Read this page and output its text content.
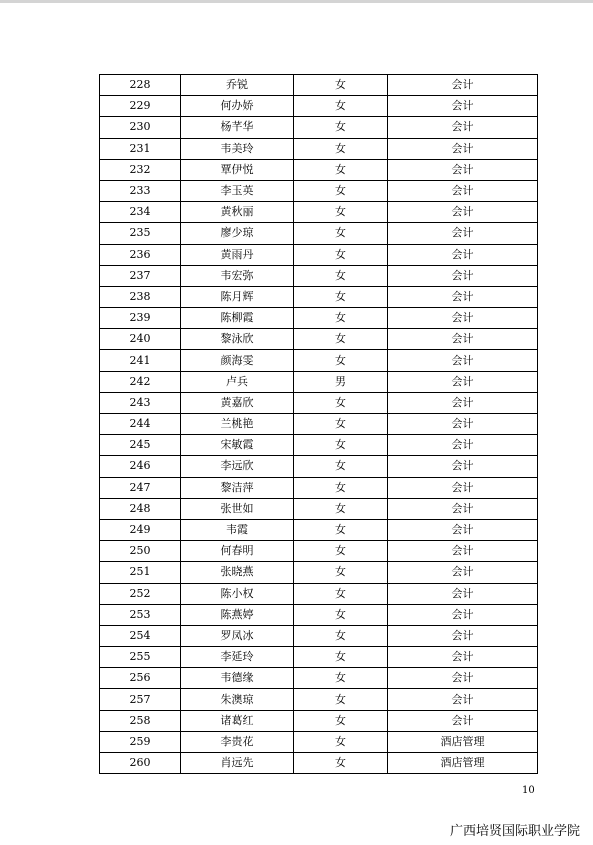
228	乔锐	女	会计
229	何办娇	女	会计
230	杨芊华	女	会计
231	韦美玲	女	会计
232	覃伊悦	女	会计
233	李玉英	女	会计
234	黄秋丽	女	会计
235	廖少琼	女	会计
236	黄雨丹	女	会计
237	韦宏弥	女	会计
238	陈月辉	女	会计
239	陈柳霞	女	会计
240	黎泳欣	女	会计
241	颜海雯	女	会计
242	卢兵	男	会计
243	黄嘉欣	女	会计
244	兰桃艳	女	会计
245	宋敏霞	女	会计
246	李远欣	女	会计
247	黎洁萍	女	会计
248	张世如	女	会计
249	韦霞	女	会计
250	何春明	女	会计
251	张晓燕	女	会计
252	陈小权	女	会计
253	陈燕婷	女	会计
254	罗凤冰	女	会计
255	李延玲	女	会计
256	韦德缘	女	会计
257	朱澳琼	女	会计
258	诸葛红	女	会计
259	李贵花	女	酒店管理
260	肖远先	女	酒店管理
10
广西培贤国际职业学院
